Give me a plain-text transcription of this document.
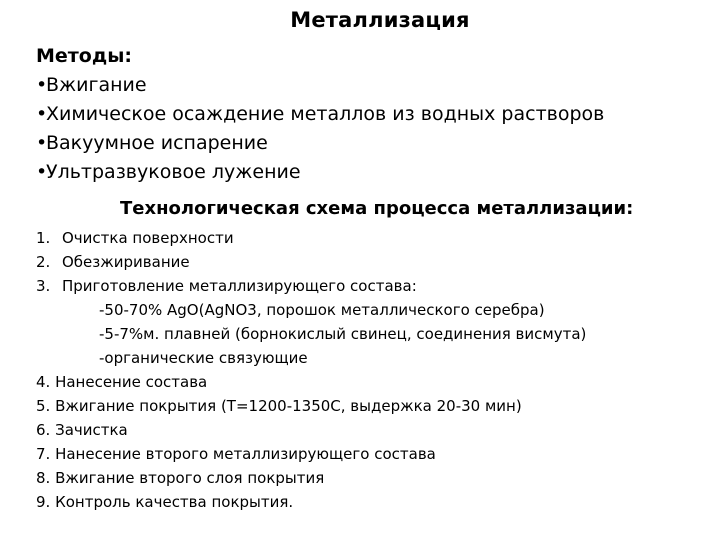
Металлизация
Методы:
•Вжигание
•Химическое осаждение металлов из водных растворов
•Вакуумное испарение
•Ультразвуковое лужение
Технологическая схема процесса металлизации:
1. Очистка поверхности
2. Обезжиривание
3. Приготовление металлизирующего состава:
-50-70% AgO(AgNO3, порошок металлического серебра)
-5-7%м. плавней (борнокислый свинец, соединения висмута)
-органические связующие
4. Нанесение состава
5. Вжигание покрытия (T=1200-1350C, выдержка 20-30 мин)
6. Зачистка
7. Нанесение второго металлизирующего состава
8. Вжигание второго слоя покрытия
9. Контроль качества покрытия.
